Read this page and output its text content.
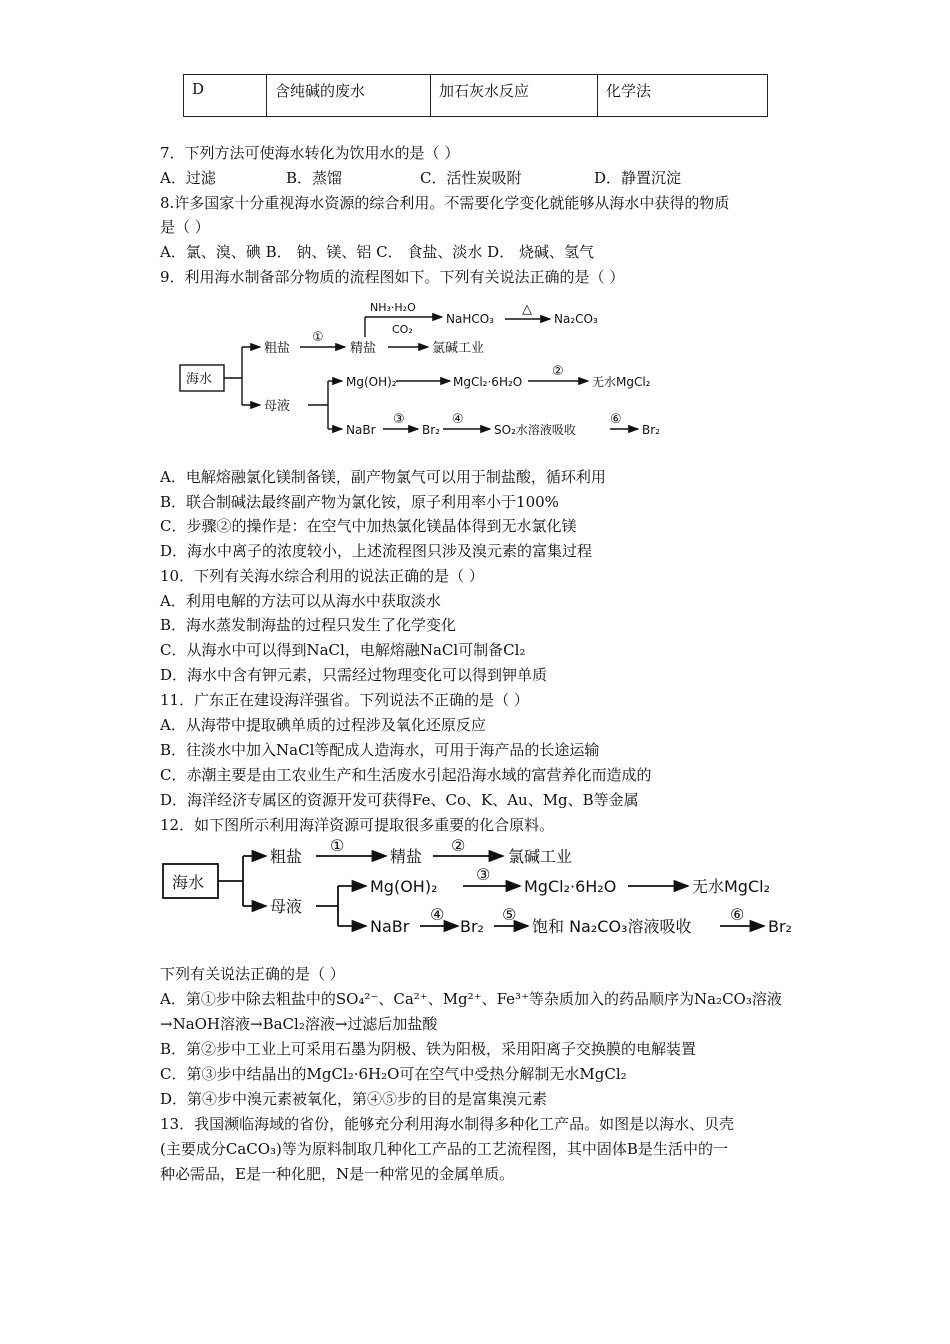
D	含纯碱的废水	加石灰水反应	化学法
7．下列方法可使海水转化为饮用水的是（ ）
A．过滤	B．蒸馏	C．活性炭吸附	D．静置沉淀
8.许多国家十分重视海水资源的综合利用。不需要化学变化就能够从海水中获得的物质
是（ ）
A．氯、溴、碘 B． 钠、镁、铝 C． 食盐、淡水 D． 烧碱、氢气
9．利用海水制备部分物质的流程图如下。下列有关说法正确的是（ ）
海水
粗盐
①
精盐	氯碱工业
NH₃·H₂O
CO₂
NaHCO₃
△
Na₂CO₃
母液
Mg(OH)₂	MgCl₂·6H₂O
②
无水MgCl₂
NaBr
③
Br₂
④
SO₂水溶液吸收
⑥
Br₂
A．电解熔融氯化镁制备镁，副产物氯气可以用于制盐酸，循环利用
B．联合制碱法最终副产物为氯化铵，原子利用率小于100%
C．步骤②的操作是：在空气中加热氯化镁晶体得到无水氯化镁
D．海水中离子的浓度较小，上述流程图只涉及溴元素的富集过程
10．下列有关海水综合利用的说法正确的是（ ）
A．利用电解的方法可以从海水中获取淡水
B．海水蒸发制海盐的过程只发生了化学变化
C．从海水中可以得到NaCl，电解熔融NaCl可制备Cl₂
D．海水中含有钾元素，只需经过物理变化可以得到钾单质
11．广东正在建设海洋强省。下列说法不正确的是（ ）
A．从海带中提取碘单质的过程涉及氧化还原反应
B．往淡水中加入NaCl等配成人造海水，可用于海产品的长途运输
C．赤潮主要是由工农业生产和生活废水引起沿海水域的富营养化而造成的
D．海洋经济专属区的资源开发可获得Fe、Co、K、Au、Mg、B等金属
12．如下图所示利用海洋资源可提取很多重要的化合原料。
海水
粗盐
①
精盐
②
氯碱工业
母液
Mg(OH)₂
③
MgCl₂·6H₂O	无水MgCl₂
NaBr
④
Br₂
⑤
饱和 Na₂CO₃溶液吸收
⑥
Br₂
下列有关说法正确的是（ ）
A．第①步中除去粗盐中的SO₄²⁻、Ca²⁺、Mg²⁺、Fe³⁺等杂质加入的药品顺序为Na₂CO₃溶液
→NaOH溶液→BaCl₂溶液→过滤后加盐酸
B．第②步中工业上可采用石墨为阴极、铁为阳极，采用阳离子交换膜的电解装置
C．第③步中结晶出的MgCl₂·6H₂O可在空气中受热分解制无水MgCl₂
D．第④步中溴元素被氧化，第④⑤步的目的是富集溴元素
13．我国濒临海域的省份，能够充分利用海水制得多种化工产品。如图是以海水、贝壳
(主要成分CaCO₃)等为原料制取几种化工产品的工艺流程图，其中固体B是生活中的一
种必需品，E是一种化肥，N是一种常见的金属单质。
